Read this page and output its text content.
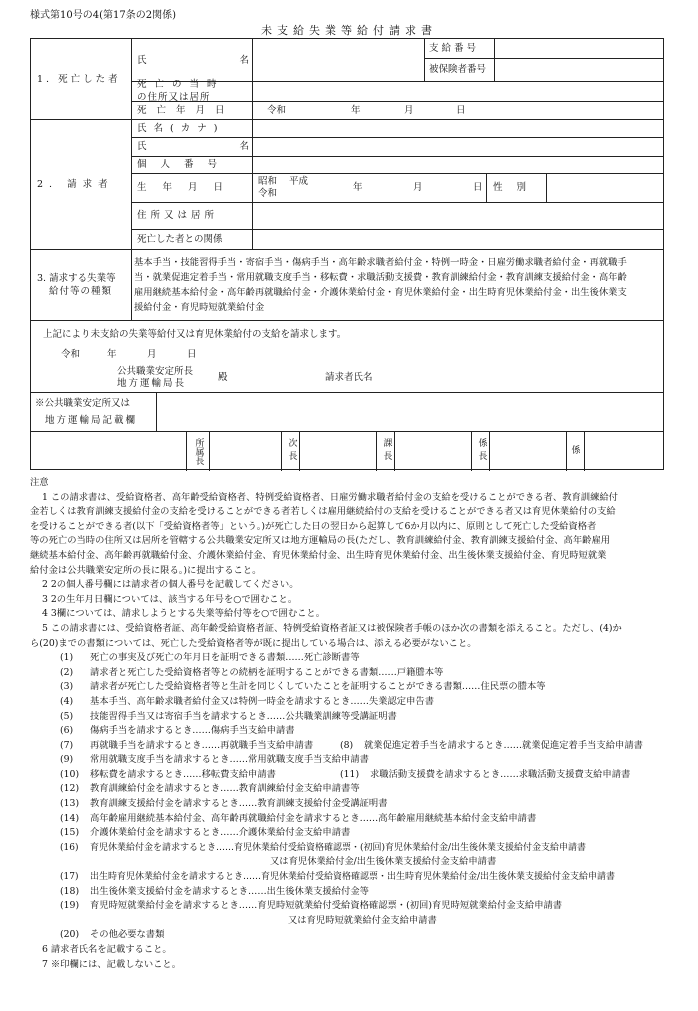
様式第10号の4(第17条の2関係)
未支給失業等給付請求書
1. 死亡した者
氏	名
支給番号
被保険者番号
死亡の当時
の住所又は居所
死亡年月日	令和	年	月	日
2. 請求者
氏名(カナ)
氏	名
個人番号
生年月日
昭和 平成
令和
年	月	日 性別
住所又は居所
死亡した者との関係
3. 請求する失業等
給付等の種類
基本手当・技能習得手当・寄宿手当・傷病手当・高年齢求職者給付金・特例一時金・日雇労働求職者給付金・再就職手
当・就業促進定着手当・常用就職支度手当・移転費・求職活動支援費・教育訓練給付金・教育訓練支援給付金・高年齢
雇用継続基本給付金・高年齢再就職給付金・介護休業給付金・育児休業給付金・出生時育児休業給付金・出生後休業支
援給付金・育児時短就業給付金
上記により未支給の失業等給付又は育児休業給付の支給を請求します。
令和	年	月	日
公共職業安定所長
地方運輸局長
殿	請求者氏名
※公共職業安定所又は
地方運輸局記載欄
所属長	次長	課長	係長	係

注意

1 この請求書は、受給資格者、高年齢受給資格者、特例受給資格者、日雇労働求職者給付金の支給を受けることができる者、教育訓練給付

金若しくは教育訓練支援給付金の支給を受けることができる者若しくは雇用継続給付の支給を受けることができる者又は育児休業給付の支給

を受けることができる者(以下「受給資格者等」という。)が死亡した日の翌日から起算して6か月以内に、原則として死亡した受給資格者

等の死亡の当時の住所又は居所を管轄する公共職業安定所又は地方運輸局の長(ただし、教育訓練給付金、教育訓練支援給付金、高年齢雇用

継続基本給付金、高年齢再就職給付金、介護休業給付金、育児休業給付金、出生時育児休業給付金、出生後休業支援給付金、育児時短就業

給付金は公共職業安定所の長に限る。)に提出すること。

2 2の個人番号欄には請求者の個人番号を記載してください。

3 2の生年月日欄については、該当する年号を○で囲むこと。

4 3欄については、請求しようとする失業等給付等を○で囲むこと。

5 この請求書には、受給資格者証、高年齢受給資格者証、特例受給資格者証又は被保険者手帳のほか次の書類を添えること。ただし、(4)か

ら(20)までの書類については、死亡した受給資格者等が既に提出している場合は、添える必要がないこと。

(1) 死亡の事実及び死亡の年月日を証明できる書類……死亡診断書等

(2) 請求者と死亡した受給資格者等との続柄を証明することができる書類……戸籍謄本等

(3) 請求者が死亡した受給資格者等と生計を同じくしていたことを証明することができる書類……住民票の謄本等

(4) 基本手当、高年齢求職者給付金又は特例一時金を請求するとき……失業認定申告書

(5) 技能習得手当又は寄宿手当を請求するとき……公共職業訓練等受講証明書

(6) 傷病手当を請求するとき……傷病手当支給申請書

(7) 再就職手当を請求するとき……再就職手当支給申請書	(8) 就業促進定着手当を請求するとき……就業促進定着手当支給申請書

(9) 常用就職支度手当を請求するとき……常用就職支度手当支給申請書

(10) 移転費を請求するとき……移転費支給申請書	(11) 求職活動支援費を請求するとき……求職活動支援費支給申請書

(12) 教育訓練給付金を請求するとき……教育訓練給付金支給申請書等

(13) 教育訓練支援給付金を請求するとき……教育訓練支援給付金受講証明書

(14) 高年齢雇用継続基本給付金、高年齢再就職給付金を請求するとき……高年齢雇用継続基本給付金支給申請書

(15) 介護休業給付金を請求するとき……介護休業給付金支給申請書

(16) 育児休業給付金を請求するとき……育児休業給付受給資格確認票・(初回)育児休業給付金/出生後休業支援給付金支給申請書

又は育児休業給付金/出生後休業支援給付金支給申請書

(17) 出生時育児休業給付金を請求するとき……育児休業給付受給資格確認票・出生時育児休業給付金/出生後休業支援給付金支給申請書

(18) 出生後休業支援給付金を請求するとき……出生後休業支援給付金等

(19) 育児時短就業給付金を請求するとき……育児時短就業給付受給資格確認票・(初回)育児時短就業給付金支給申請書

又は育児時短就業給付金支給申請書

(20) その他必要な書類

6 請求者氏名を記載すること。

7 ※印欄には、記載しないこと。
